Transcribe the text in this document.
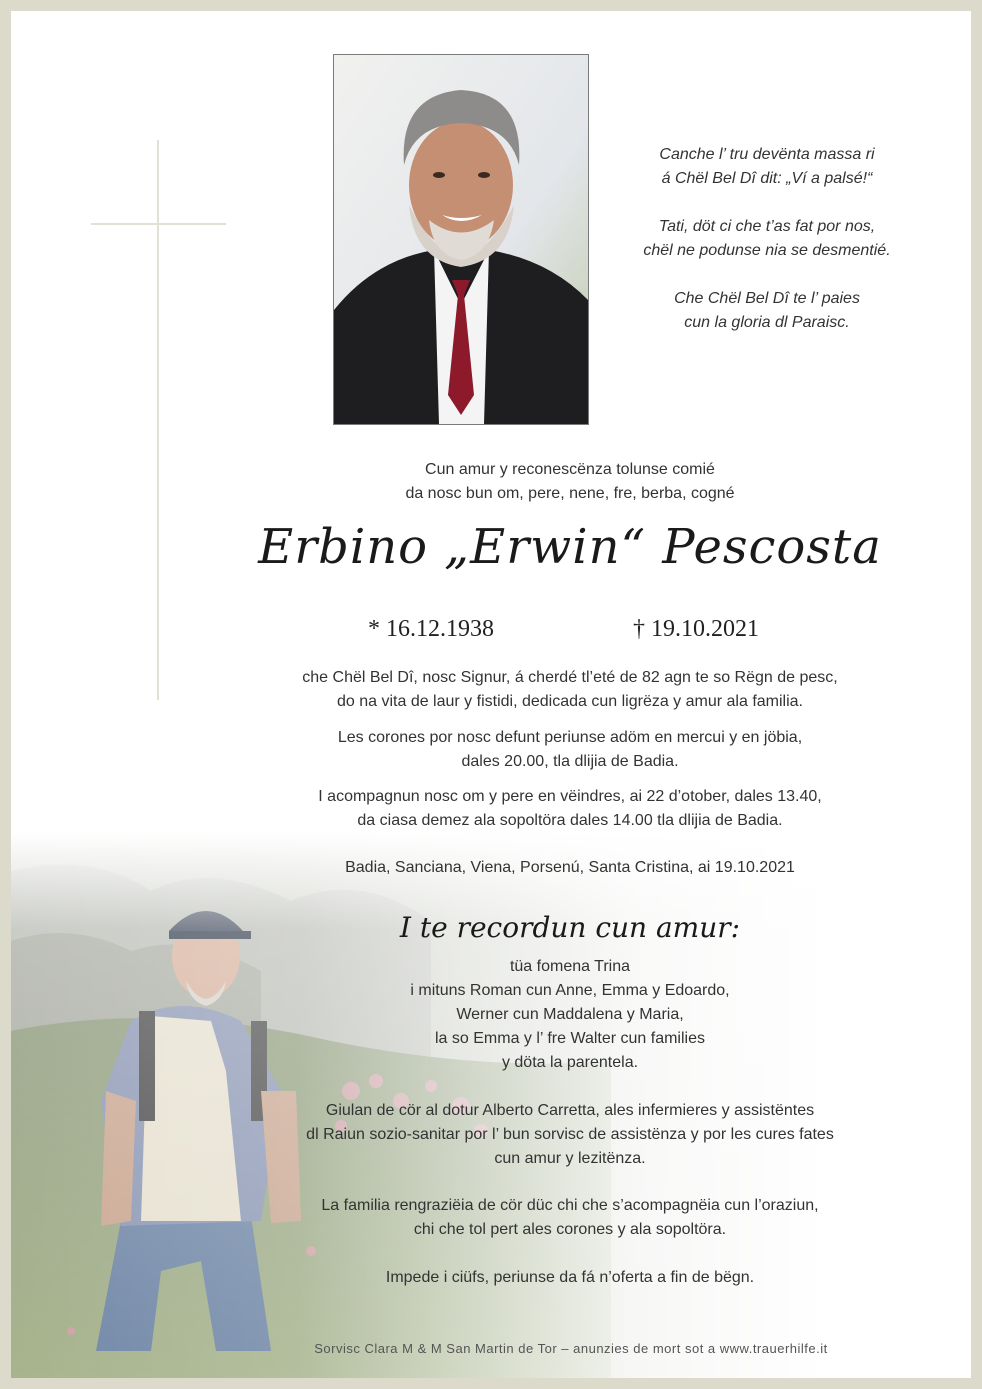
Canche l’ tru devënta massa ri
á Chël Bel Dî dit: „Ví a palsé!“

Tati, döt ci che t’as fat por nos,
chël ne podunse nia se desmentié.

Che Chël Bel Dî te l’ paies
cun la gloria dl Paraisc.

Cun amur y reconescënza tolunse comié

da nosc bun om, pere, nene, fre, berba, cogné

Erbino „Erwin“ Pescosta
* 16.12.1938	† 19.10.2021

che Chël Bel Dî, nosc Signur, á cherdé tl’eté de 82 agn te so Rëgn de pesc,

do na vita de laur y fistidi, dedicada cun ligrëza y amur ala familia.

Les corones por nosc defunt periunse adöm en mercui y en jöbia,

dales 20.00, tla dlijia de Badia.

I acompagnun nosc om y pere en vëindres, ai 22 d’otober, dales 13.40,

da ciasa demez ala sopoltöra dales 14.00 tla dlijia de Badia.

Badia, Sanciana, Viena, Porsenú, Santa Cristina, ai 19.10.2021
I te recordun cun amur:

tüa fomena Trina

i mituns Roman cun Anne, Emma y Edoardo,

Werner cun Maddalena y Maria,

la so Emma y l’ fre Walter cun families

y döta la parentela.

Giulan de cör al dotur Alberto Carretta, ales infermieres y assistëntes

dl Raiun sozio-sanitar por l’ bun sorvisc de assistënza y por les cures fates

cun amur y lezitënza.

La familia rengraziëia de cör düc chi che s’acompagnëia cun l’oraziun,

chi che tol pert ales corones y ala sopoltöra.

Impede i ciüfs, periunse da fá n’oferta a fin de bëgn.
Sorvisc Clara M & M San Martin de Tor – anunzies de mort sot a www.trauerhilfe.it
